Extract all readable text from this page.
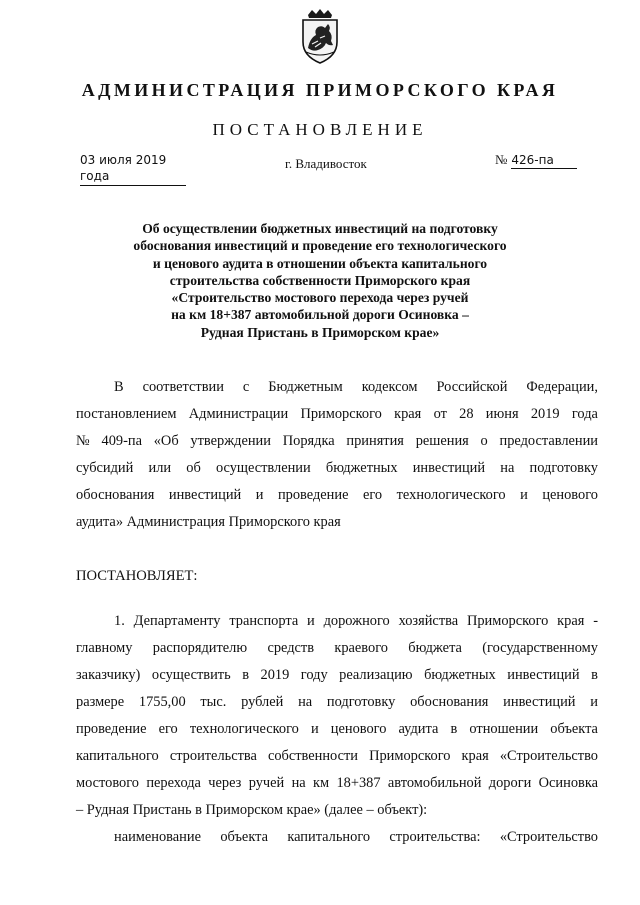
АДМИНИСТРАЦИЯ ПРИМОРСКОГО КРАЯ
ПОСТАНОВЛЕНИЕ
03 июля 2019 года
г. Владивосток	№ 426-па
Об осуществлении бюджетных инвестиций на подготовку
обоснования инвестиций и проведение его технологического
и ценового аудита в отношении объекта капитального
строительства собственности Приморского края
«Строительство мостового перехода через ручей
на км 18+387 автомобильной дороги Осиновка –
Рудная Пристань в Приморском крае»
В соответствии с Бюджетным кодексом Российской Федерации,
постановлением Администрации Приморского края от 28 июня 2019 года
№ 409-па «Об утверждении Порядка принятия решения о предоставлении
субсидий или об осуществлении бюджетных инвестиций на подготовку
обоснования инвестиций и проведение его технологического и ценового
аудита» Администрация Приморского края
ПОСТАНОВЛЯЕТ:
1. Департаменту транспорта и дорожного хозяйства Приморского края -
главному распорядителю средств краевого бюджета (государственному
заказчику) осуществить в 2019 году реализацию бюджетных инвестиций в
размере 1755,00 тыс. рублей на подготовку обоснования инвестиций и
проведение его технологического и ценового аудита в отношении объекта
капитального строительства собственности Приморского края «Строительство
мостового перехода через ручей на км 18+387 автомобильной дороги Осиновка
– Рудная Пристань в Приморском крае» (далее – объект):
наименование объекта капитального строительства: «Строительство
